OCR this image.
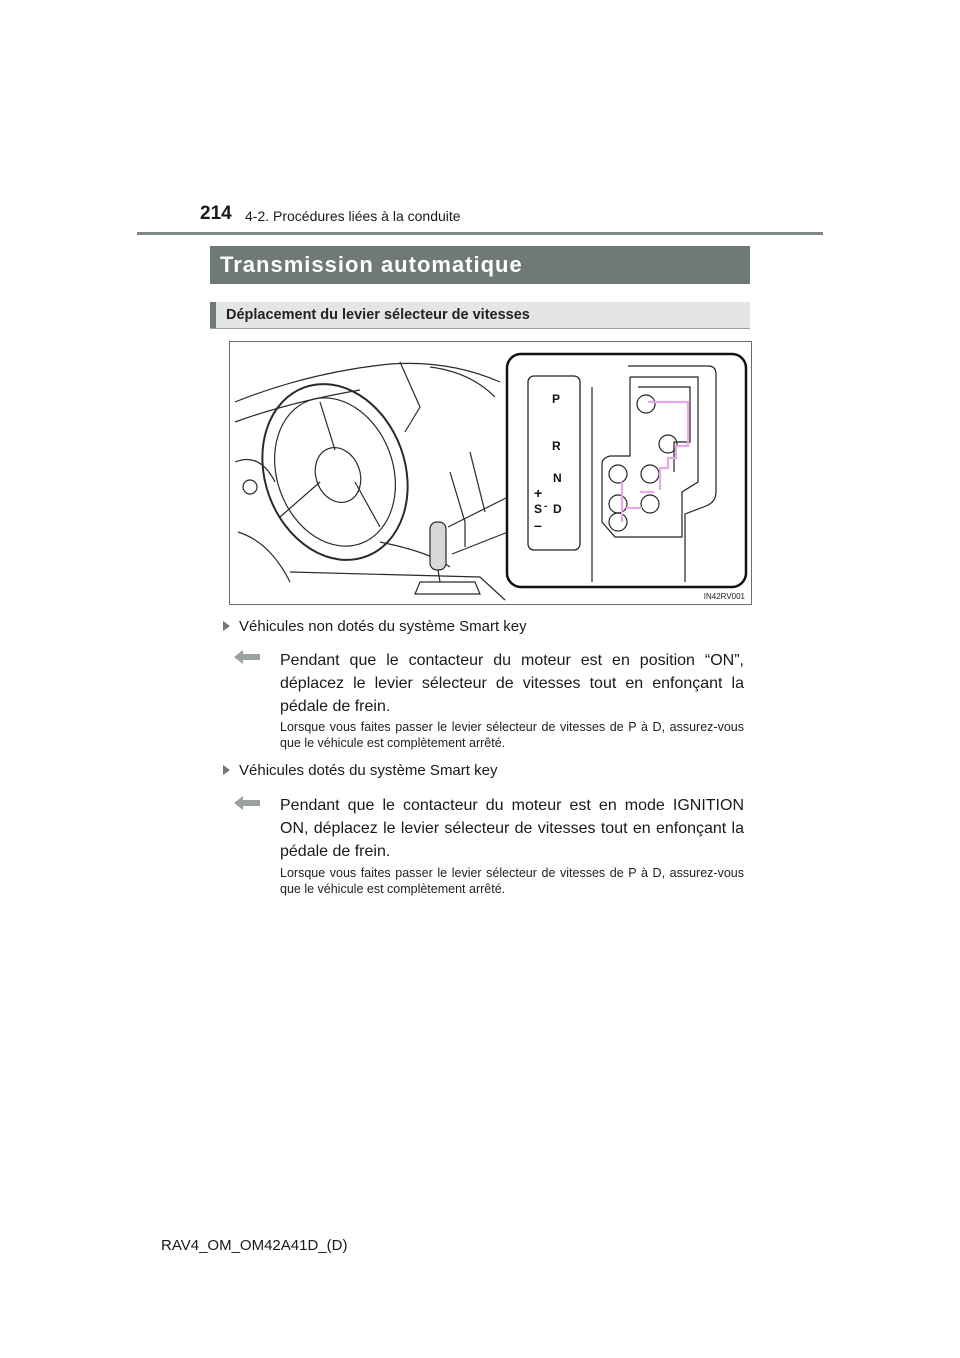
214 4-2. Procédures liées à la conduite
Transmission automatique
Déplacement du levier sélecteur de vitesses
P
R
N
D
S
+
–
-
IN42RV001
Véhicules non dotés du système Smart key
Pendant que le contacteur du moteur est en position “ON”, déplacez le levier sélecteur de vitesses tout en enfonçant la pédale de frein.
Lorsque vous faites passer le levier sélecteur de vitesses de P à D, assurez-vous que le véhicule est complètement arrêté.
Véhicules dotés du système Smart key
Pendant que le contacteur du moteur est en mode IGNITION ON, déplacez le levier sélecteur de vitesses tout en enfonçant la pédale de frein.
Lorsque vous faites passer le levier sélecteur de vitesses de P à D, assurez-vous que le véhicule est complètement arrêté.
RAV4_OM_OM42A41D_(D)
